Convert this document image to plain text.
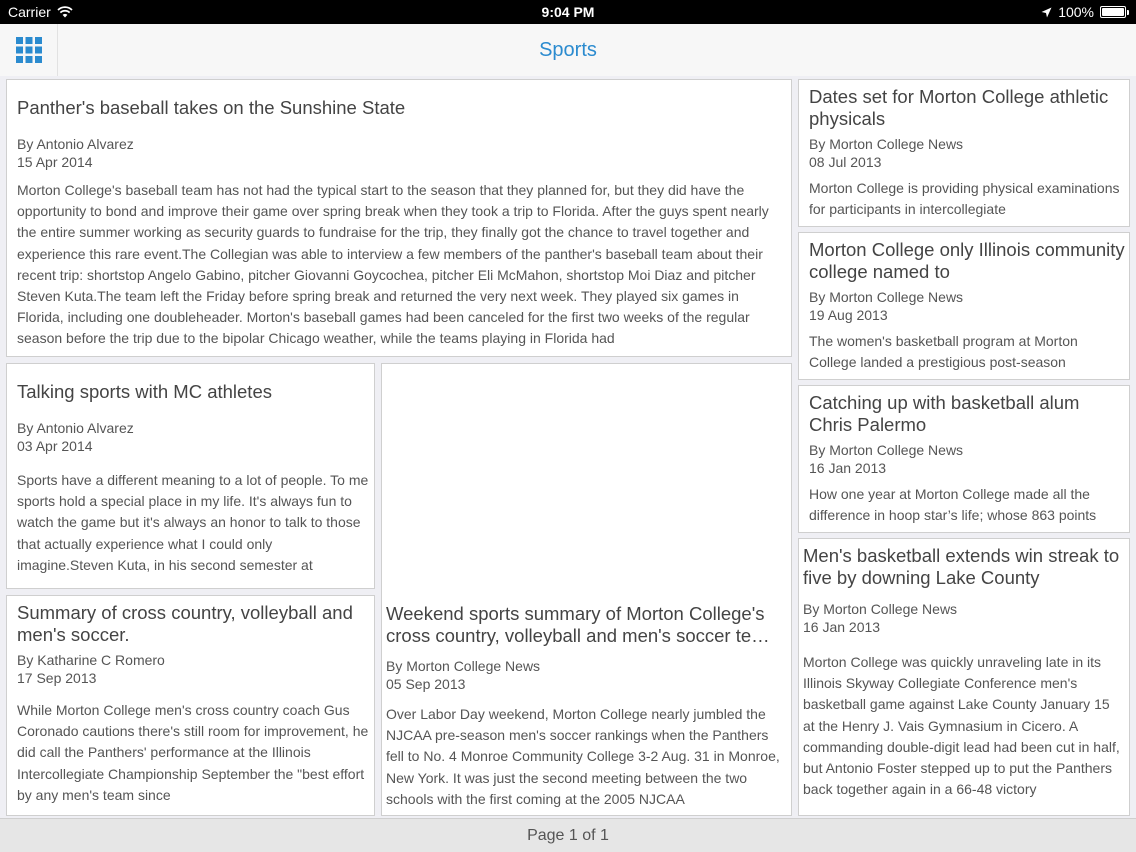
Carrier	9:04 PM	100%
Sports
Panther's baseball takes on the Sunshine State
By Antonio Alvarez
15 Apr 2014
Morton College's baseball team has not had the typical start to the season that they planned for, but they did have the opportunity to bond and improve their game over spring break when they took a trip to Florida. After the guys spent nearly the entire summer working as security guards to fundraise for the trip, they finally got the chance to travel together and experience this rare event.The Collegian was able to interview a few members of the panther's baseball team about their recent trip: shortstop Angelo Gabino, pitcher Giovanni Goycochea, pitcher Eli McMahon, shortstop Moi Diaz and pitcher Steven Kuta.The team left the Friday before spring break and returned the very next week. They played six games in Florida, including one doubleheader. Morton's baseball games had been canceled for the first two weeks of the regular season before the trip due to the bipolar Chicago weather, while the teams playing in Florida had
Talking sports with MC athletes
By Antonio Alvarez
03 Apr 2014
Sports have a different meaning to a lot of people. To me sports hold a special place in my life. It's always fun to watch the game but it's always an honor to talk to those that actually experience what I could only imagine.Steven Kuta, in his second semester at
Summary of cross country, volleyball and men's soccer.
By Katharine C Romero
17 Sep 2013
While Morton College men's cross country coach Gus Coronado cautions there's still room for improvement, he did call the Panthers' performance at the Illinois Intercollegiate Championship September the "best effort by any men's team since
Weekend sports summary of Morton College's
cross country, volleyball and men's soccer te…
By Morton College News
05 Sep 2013
Over Labor Day weekend, Morton College nearly jumbled the NJCAA pre-season men's soccer rankings when the Panthers fell to No. 4 Monroe Community College 3-2 Aug. 31 in Monroe, New York. It was just the second meeting between the two schools with the first coming at the 2005 NJCAA
Dates set for Morton College athletic physicals
By Morton College News
08 Jul 2013
Morton College is providing physical examinations for participants in intercollegiate
Morton College only Illinois community college named to
By Morton College News
19 Aug 2013
The women's basketball program at Morton College landed a prestigious post-season
Catching up with basketball alum Chris Palermo
By Morton College News
16 Jan 2013
How one year at Morton College made all the difference in hoop star’s life; whose 863 points
Men's basketball extends win streak to five by downing Lake County
By Morton College News
16 Jan 2013
Morton College was quickly unraveling late in its Illinois Skyway Collegiate Conference men's basketball game against Lake County January 15 at the Henry J. Vais Gymnasium in Cicero. A commanding double-digit lead had been cut in half, but Antonio Foster stepped up to put the Panthers back together again in a 66-48 victory
Page 1 of 1
